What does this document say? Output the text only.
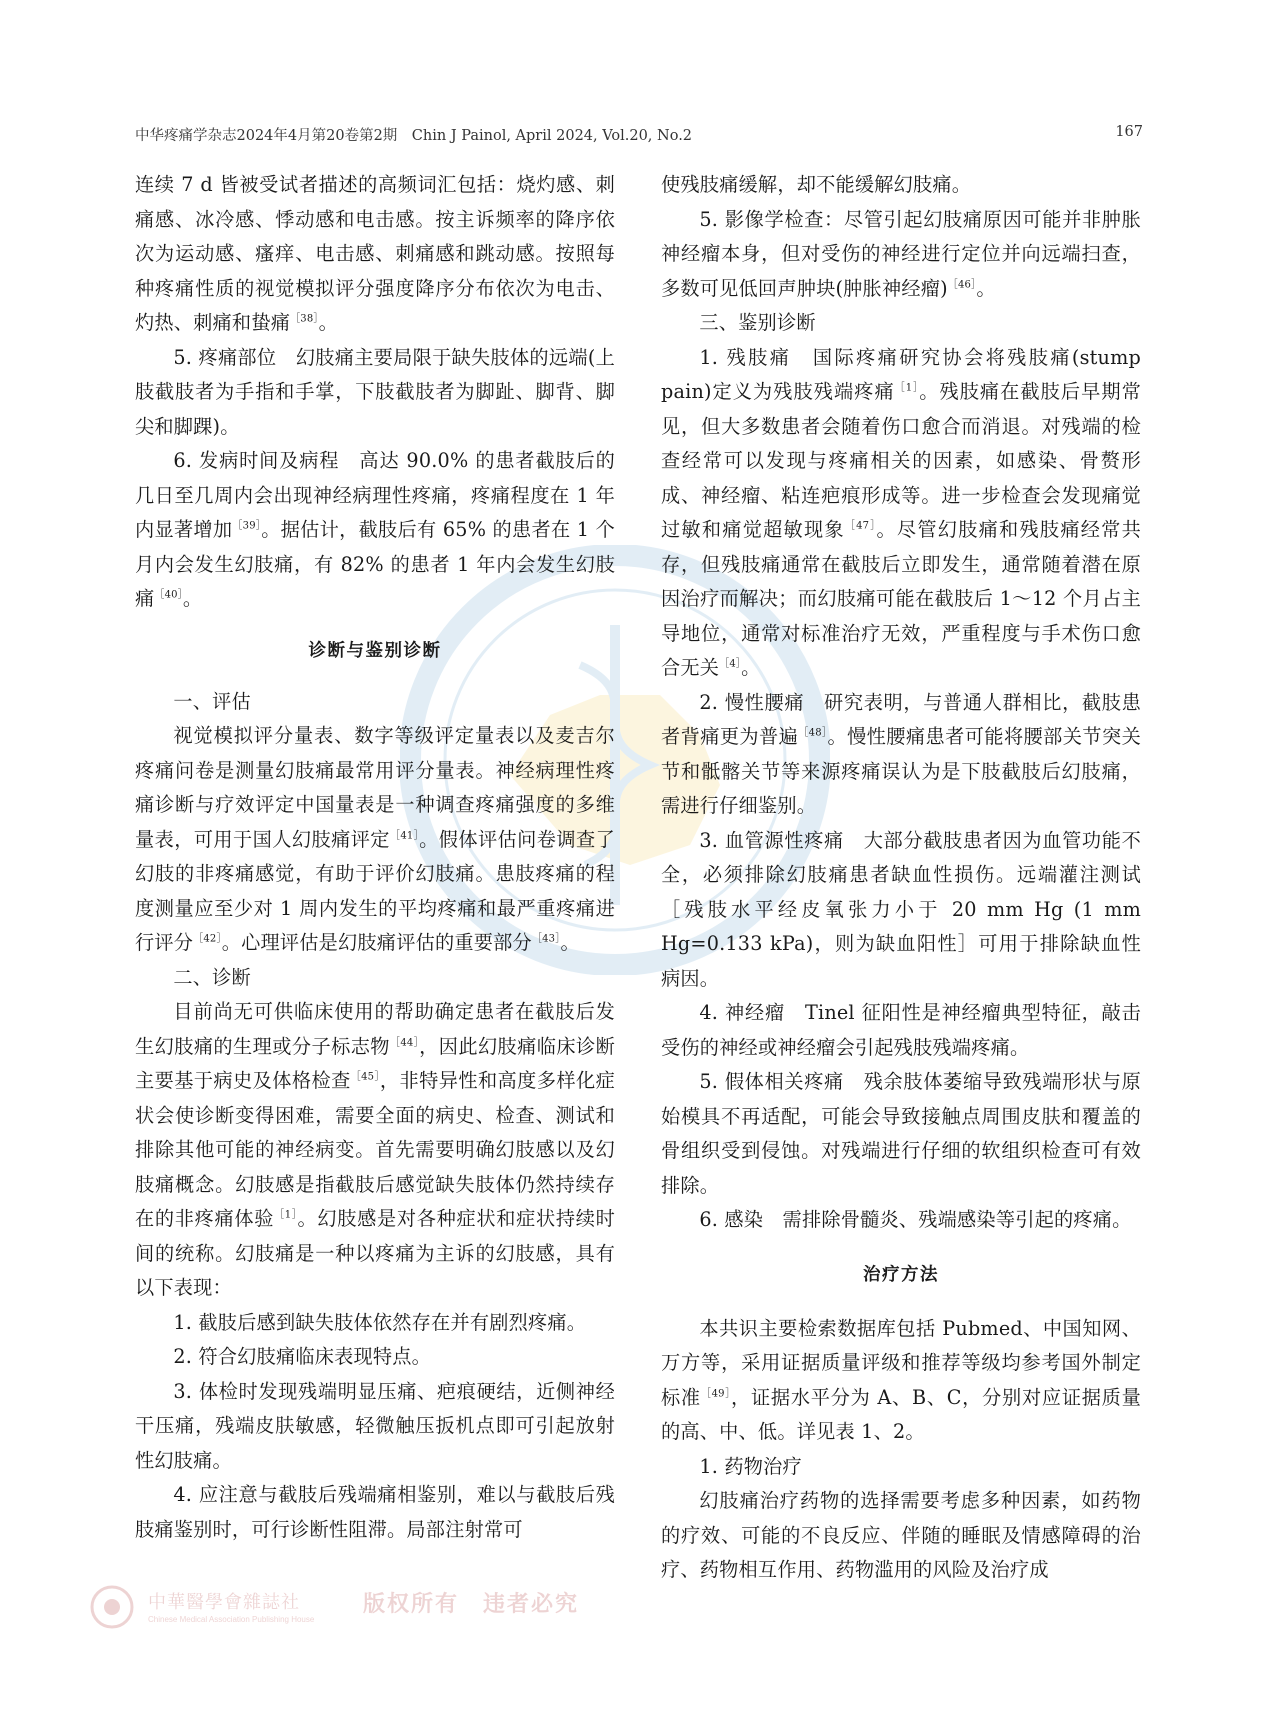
中华疼痛学杂志2024年4月第20卷第2期　Chin J Painol, April 2024, Vol.20, No.2	167

连续 7 d 皆被受试者描述的高频词汇包括：烧灼感、刺痛感、冰冷感、悸动感和电击感。按主诉频率的降序依次为运动感、瘙痒、电击感、刺痛感和跳动感。按照每种疼痛性质的视觉模拟评分强度降序分布依次为电击、灼热、刺痛和蛰痛$^{[38]}$。

5. 疼痛部位　幻肢痛主要局限于缺失肢体的远端(上肢截肢者为手指和手掌，下肢截肢者为脚趾、脚背、脚尖和脚踝)。

6. 发病时间及病程　高达 90.0% 的患者截肢后的几日至几周内会出现神经病理性疼痛，疼痛程度在 1 年内显著增加$^{[39]}$。据估计，截肢后有 65% 的患者在 1 个月内会发生幻肢痛，有 82% 的患者 1 年内会发生幻肢痛$^{[40]}$。

诊断与鉴别诊断

一、评估

视觉模拟评分量表、数字等级评定量表以及麦吉尔疼痛问卷是测量幻肢痛最常用评分量表。神经病理性疼痛诊断与疗效评定中国量表是一种调查疼痛强度的多维量表，可用于国人幻肢痛评定$^{[41]}$。假体评估问卷调查了幻肢的非疼痛感觉，有助于评价幻肢痛。患肢疼痛的程度测量应至少对 1 周内发生的平均疼痛和最严重疼痛进行评分$^{[42]}$。心理评估是幻肢痛评估的重要部分$^{[43]}$。

二、诊断

目前尚无可供临床使用的帮助确定患者在截肢后发生幻肢痛的生理或分子标志物$^{[44]}$，因此幻肢痛临床诊断主要基于病史及体格检查$^{[45]}$，非特异性和高度多样化症状会使诊断变得困难，需要全面的病史、检查、测试和排除其他可能的神经病变。首先需要明确幻肢感以及幻肢痛概念。幻肢感是指截肢后感觉缺失肢体仍然持续存在的非疼痛体验$^{[1]}$。幻肢感是对各种症状和症状持续时间的统称。幻肢痛是一种以疼痛为主诉的幻肢感，具有以下表现：

1. 截肢后感到缺失肢体依然存在并有剧烈疼痛。

2. 符合幻肢痛临床表现特点。

3. 体检时发现残端明显压痛、疤痕硬结，近侧神经干压痛，残端皮肤敏感，轻微触压扳机点即可引起放射性幻肢痛。

4. 应注意与截肢后残端痛相鉴别，难以与截肢后残肢痛鉴别时，可行诊断性阻滞。局部注射常可

使残肢痛缓解，却不能缓解幻肢痛。

5. 影像学检查：尽管引起幻肢痛原因可能并非肿胀神经瘤本身，但对受伤的神经进行定位并向远端扫查，多数可见低回声肿块(肿胀神经瘤)$^{[46]}$。

三、鉴别诊断

1. 残肢痛　国际疼痛研究协会将残肢痛(stump pain)定义为残肢残端疼痛$^{[1]}$。残肢痛在截肢后早期常见，但大多数患者会随着伤口愈合而消退。对残端的检查经常可以发现与疼痛相关的因素，如感染、骨赘形成、神经瘤、粘连疤痕形成等。进一步检查会发现痛觉过敏和痛觉超敏现象$^{[47]}$。尽管幻肢痛和残肢痛经常共存，但残肢痛通常在截肢后立即发生，通常随着潜在原因治疗而解决；而幻肢痛可能在截肢后 1～12 个月占主导地位，通常对标准治疗无效，严重程度与手术伤口愈合无关$^{[4]}$。

2. 慢性腰痛　研究表明，与普通人群相比，截肢患者背痛更为普遍$^{[48]}$。慢性腰痛患者可能将腰部关节突关节和骶髂关节等来源疼痛误认为是下肢截肢后幻肢痛，需进行仔细鉴别。

3. 血管源性疼痛　大部分截肢患者因为血管功能不全，必须排除幻肢痛患者缺血性损伤。远端灌注测试［残肢水平经皮氧张力小于 20 mm Hg (1 mm Hg=0.133 kPa)，则为缺血阳性］可用于排除缺血性病因。

4. 神经瘤　Tinel 征阳性是神经瘤典型特征，敲击受伤的神经或神经瘤会引起残肢残端疼痛。

5. 假体相关疼痛　残余肢体萎缩导致残端形状与原始模具不再适配，可能会导致接触点周围皮肤和覆盖的骨组织受到侵蚀。对残端进行仔细的软组织检查可有效排除。

6. 感染　需排除骨髓炎、残端感染等引起的疼痛。

治疗方法

本共识主要检索数据库包括 Pubmed、中国知网、万方等，采用证据质量评级和推荐等级均参考国外制定标准$^{[49]}$，证据水平分为 A、B、C，分别对应证据质量的高、中、低。详见表 1、2。

1. 药物治疗

幻肢痛治疗药物的选择需要考虑多种因素，如药物的疗效、可能的不良反应、伴随的睡眠及情感障碍的治疗、药物相互作用、药物滥用的风险及治疗成

中華醫學會雜誌社
Chinese Medical Association Publishing House
版权所有 违者必究
